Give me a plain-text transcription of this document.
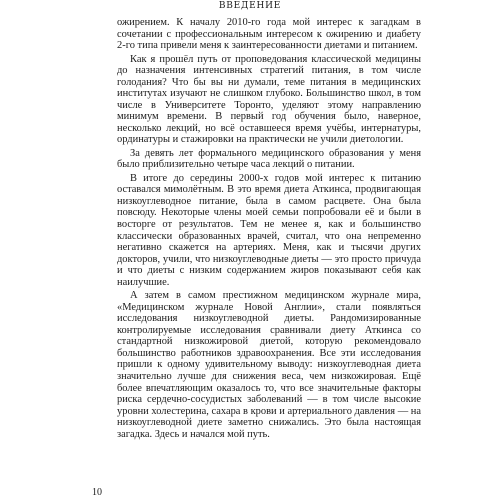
ВВЕДЕНИЕ

ожирением. К началу 2010-го года мой интерес к загадкам в сочетании с профессиональным интересом к ожирению и диабету 2-го типа привели меня к заинтересованности диетами и питанием.

Как я прошёл путь от проповедования классической медицины до назначения интенсивных стратегий питания, в том числе голодания? Что бы вы ни думали, теме питания в медицинских институтах изучают не слишком глубоко. Большинство школ, в том числе в Университете Торонто, уделяют этому направлению минимум времени. В первый год обучения было, наверное, несколько лекций, но всё оставшееся время учёбы, интернатуры, ординатуры и стажировки на практически не учили диетологии.

За девять лет формального медицинского образования у меня было приблизительно четыре часа лекций о питании.

В итоге до середины 2000-х годов мой интерес к питанию оставался мимолётным. В это время диета Аткинса, продвигающая низкоуглеводное питание, была в самом расцвете. Она была повсюду. Некоторые члены моей семьи попробовали её и были в восторге от результатов. Тем не менее я, как и большинство классически образованных врачей, считал, что она непременно негативно скажется на артериях. Меня, как и тысячи других докторов, учили, что низкоуглеводные диеты — это просто причуда и что диеты с низким содержанием жиров показывают себя как наилучшие.

А затем в самом престижном медицинском журнале мира, «Медицинском журнале Новой Англии», стали появляться исследования низкоуглеводной диеты. Рандомизированные контролируемые исследования сравнивали диету Аткинса со стандартной низкожировой диетой, которую рекомендовало большинство работников здравоохранения. Все эти исследования пришли к одному удивительному выводу: низкоуглеводная диета значительно лучше для снижения веса, чем низкожировая. Ещё более впечатляющим оказалось то, что все значительные факторы риска сердечно-сосудистых заболеваний — в том числе высокие уровни холестерина, сахара в крови и артериального давления — на низкоуглеводной диете заметно снижались. Это была настоящая загадка. Здесь и начался мой путь.

10
